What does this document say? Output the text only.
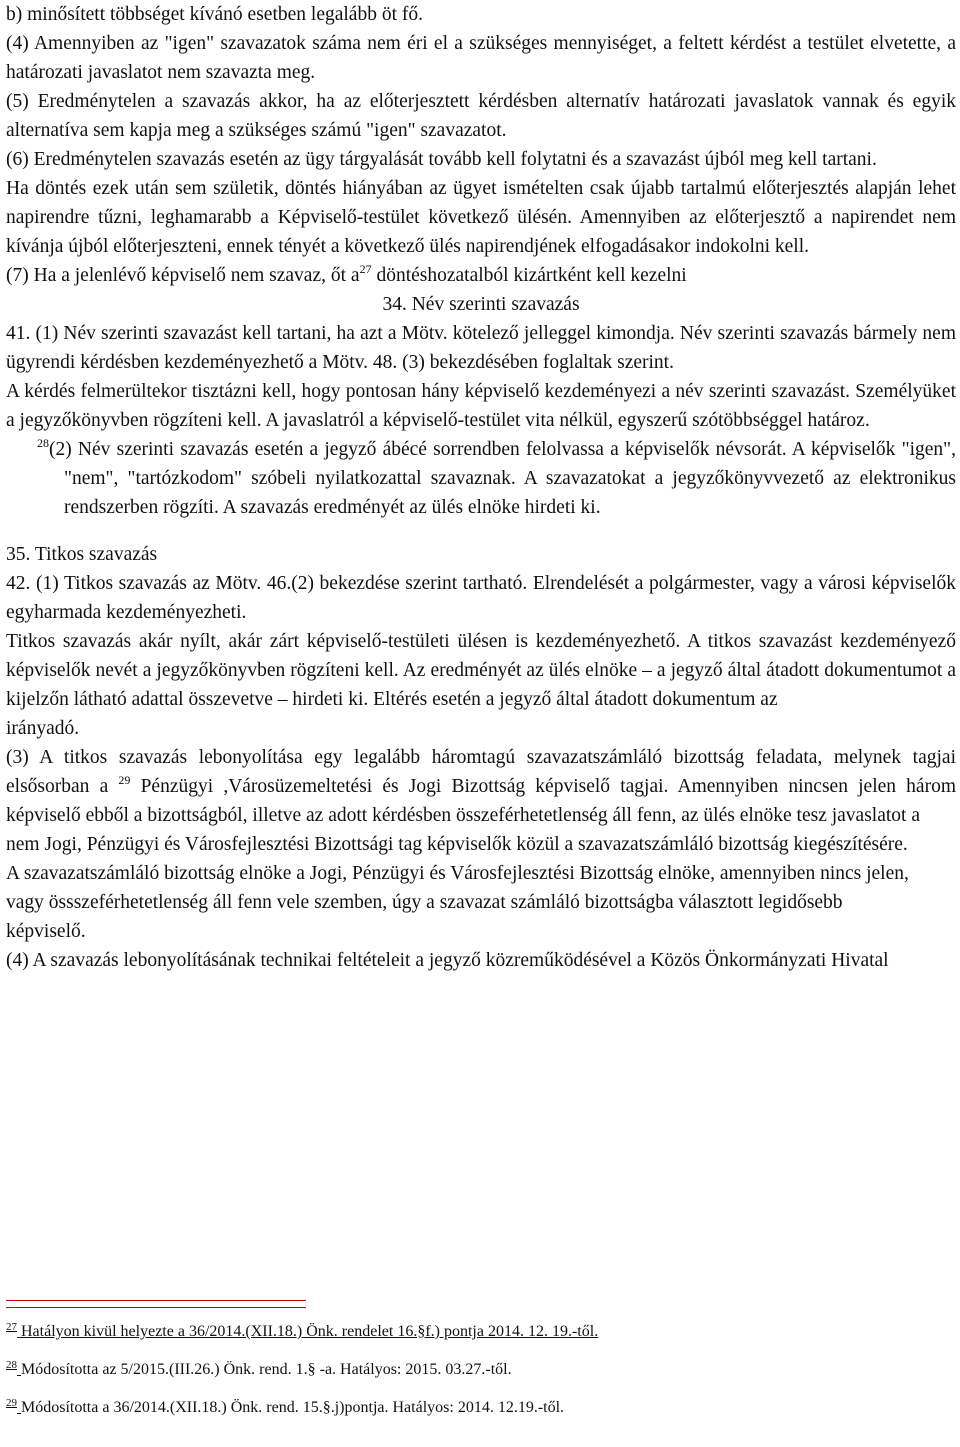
b) minősített többséget kívánó esetben legalább öt fő.

(4) Amennyiben az "igen" szavazatok száma nem éri el a szükséges mennyiséget, a feltett kérdést a testület elvetette, a határozati javaslatot nem szavazta meg.

(5) Eredménytelen a szavazás akkor, ha az előterjesztett kérdésben alternatív határozati javaslatok vannak és egyik alternatíva sem kapja meg a szükséges számú "igen" szavazatot.

(6) Eredménytelen szavazás esetén az ügy tárgyalását tovább kell folytatni és a szavazást újból meg kell tartani.

Ha döntés ezek után sem születik, döntés hiányában az ügyet ismételten csak újabb tartalmú előterjesztés alapján lehet napirendre tűzni, leghamarabb a Képviselő-testület következő ülésén. Amennyiben az előterjesztő a napirendet nem kívánja újból előterjeszteni, ennek tényét a következő ülés napirendjének elfogadásakor indokolni kell.

(7) Ha a jelenlévő képviselő nem szavaz, őt $a^{27}$ döntéshozatalból kizártként kell kezelni

34. Név szerinti szavazás

41. (1) Név szerinti szavazást kell tartani, ha azt a Mötv. kötelező jelleggel kimondja. Név szerinti szavazás bármely nem ügyrendi kérdésben kezdeményezhető a Mötv. 48. (3) bekezdésében foglaltak szerint.

A kérdés felmerültekor tisztázni kell, hogy pontosan hány képviselő kezdeményezi a név szerinti szavazást. Személyüket a jegyzőkönyvben rögzíteni kell. A javaslatról a képviselő-testület vita nélkül, egyszerű szótöbbséggel határoz.

$^{28}$(2) Név szerinti szavazás esetén a jegyző ábécé sorrendben felolvassa a képviselők névsorát. A képviselők "igen", "nem", "tartózkodom" szóbeli nyilatkozattal szavaznak. A szavazatokat a jegyzőkönyvvezető az elektronikus rendszerben rögzíti. A szavazás eredményét az ülés elnöke hirdeti ki.

35. Titkos szavazás

42. (1) Titkos szavazás az Mötv. 46.(2) bekezdése szerint tartható. Elrendelését a polgármester, vagy a városi képviselők egyharmada kezdeményezheti.

Titkos szavazás akár nyílt, akár zárt képviselő-testületi ülésen is kezdeményezhető. A titkos szavazást kezdeményező képviselők nevét a jegyzőkönyvben rögzíteni kell. Az eredményét az ülés elnöke – a jegyző által átadott dokumentumot a kijelzőn látható adattal összevetve – hirdeti ki. Eltérés esetén a jegyző által átadott dokumentum az

irányadó.

(3) A titkos szavazás lebonyolítása egy legalább háromtagú szavazatszámláló bizottság feladata, melynek tagjai elsősorban a $^{29}$ Pénzügyi ,Városüzemeltetési és Jogi Bizottság képviselő tagjai. Amennyiben nincsen jelen három képviselő ebből a bizottságból, illetve az adott kérdésben összeférhetetlenség áll fenn, az ülés elnöke tesz javaslatot a

nem Jogi, Pénzügyi és Városfejlesztési Bizottsági tag képviselők közül a szavazatszámláló bizottság kiegészítésére.

A szavazatszámláló bizottság elnöke a Jogi, Pénzügyi és Városfejlesztési Bizottság elnöke, amennyiben nincs jelen,

vagy össszeférhetetlenség áll fenn vele szemben, úgy a szavazat számláló bizottságba választott legidősebb

képviselő.

(4) A szavazás lebonyolításának technikai feltételeit a jegyző közreműködésével a Közös Önkormányzati Hivatal

$^{27}$ Hatályon kivül helyezte a 36/2014.(XII.18.) Önk. rendelet 16.§f.) pontja 2014. 12. 19.-től.

$^{28}$ Módosította az 5/2015.(III.26.) Önk. rend. 1.§ -a. Hatályos: 2015. 03.27.-től.

$^{29}$ Módosította a 36/2014.(XII.18.) Önk. rend. 15.§.j)pontja. Hatályos: 2014. 12.19.-től.
